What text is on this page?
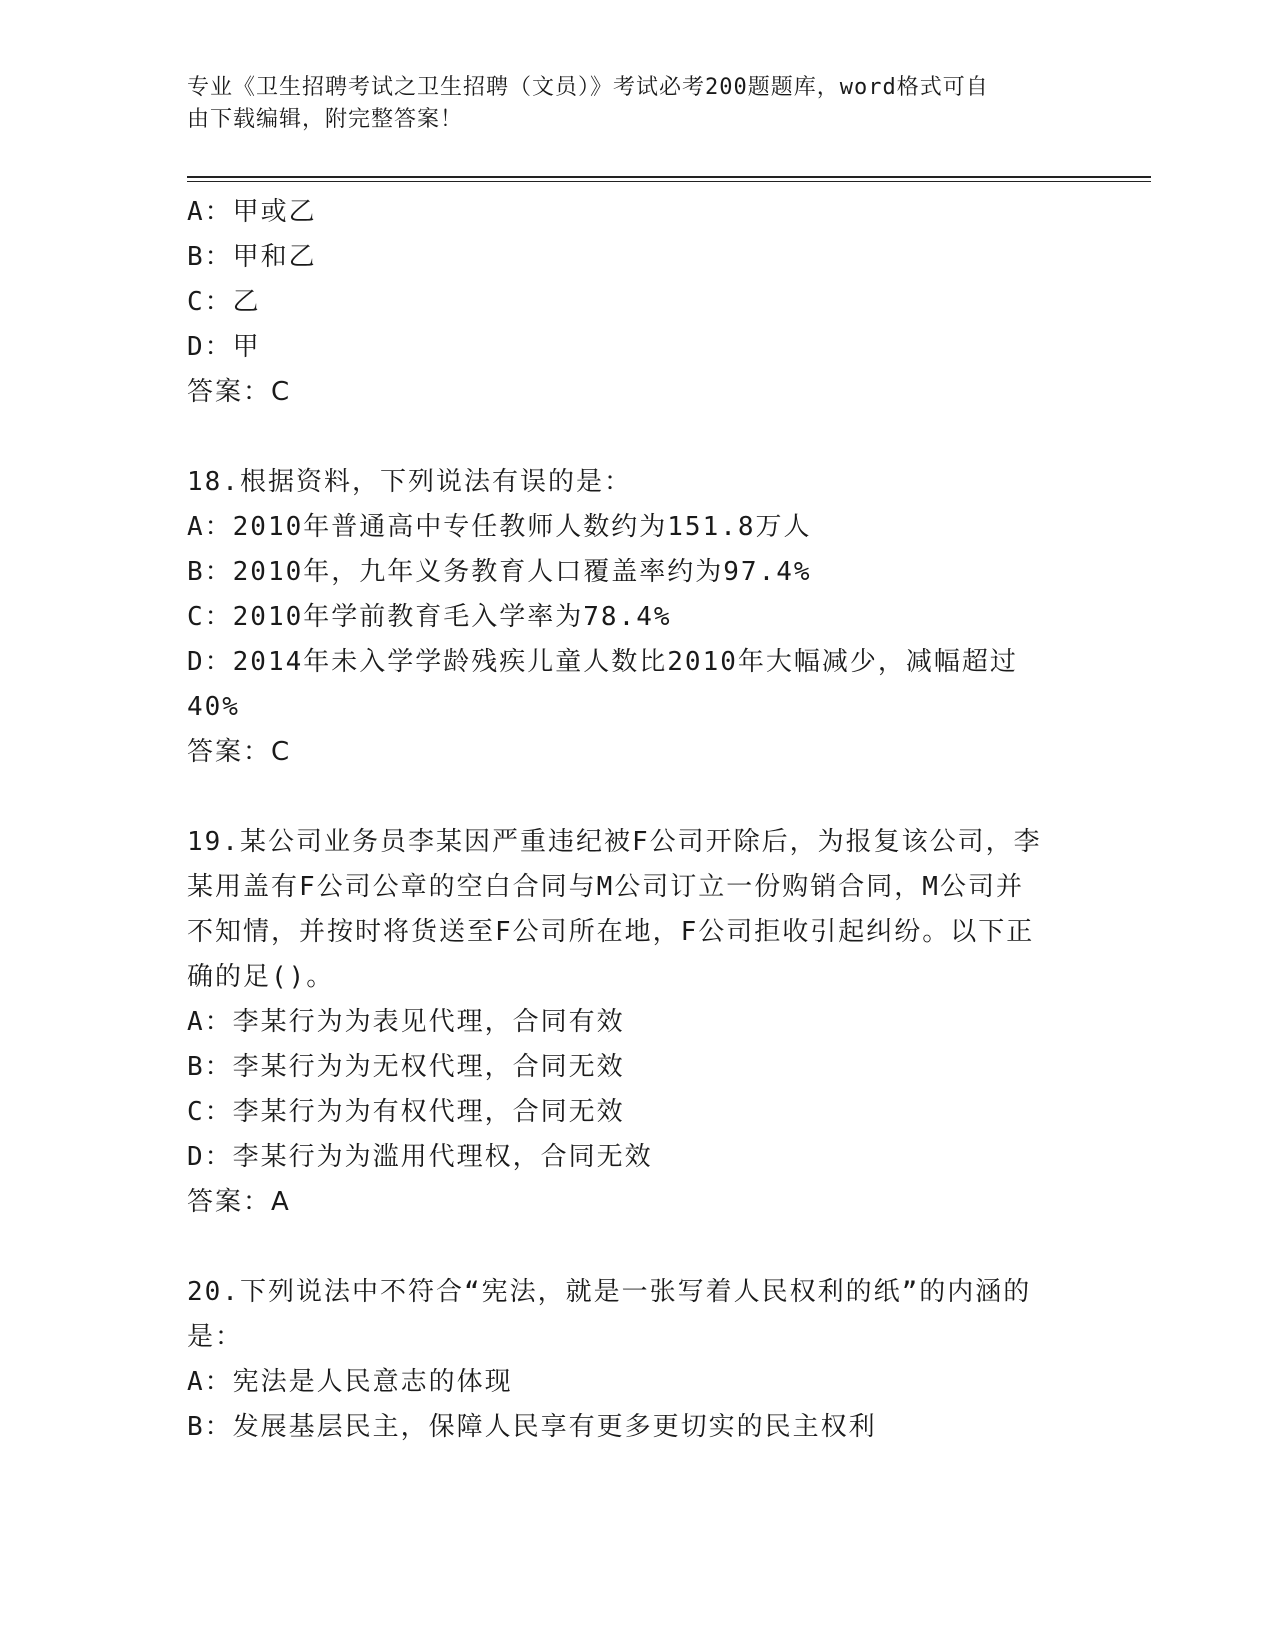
专业《卫生招聘考试之卫生招聘（文员）》考试必考200题题库，word格式可自
由下载编辑，附完整答案！
A：甲或乙
B：甲和乙
C：乙
D：甲
答案：C
18.根据资料，下列说法有误的是：
A：2010年普通高中专任教师人数约为151.8万人
B：2010年，九年义务教育人口覆盖率约为97.4%
C：2010年学前教育毛入学率为78.4%
D：2014年未入学学龄残疾儿童人数比2010年大幅减少，减幅超过
40%
答案：C
19.某公司业务员李某因严重违纪被F公司开除后，为报复该公司，李
某用盖有F公司公章的空白合同与M公司订立一份购销合同，M公司并
不知情，并按时将货送至F公司所在地，F公司拒收引起纠纷。以下正
确的足()。
A：李某行为为表见代理，合同有效
B：李某行为为无权代理，合同无效
C：李某行为为有权代理，合同无效
D：李某行为为滥用代理权，合同无效
答案：A
20.下列说法中不符合“宪法，就是一张写着人民权利的纸”的内涵的
是：
A：宪法是人民意志的体现
B：发展基层民主，保障人民享有更多更切实的民主权利
